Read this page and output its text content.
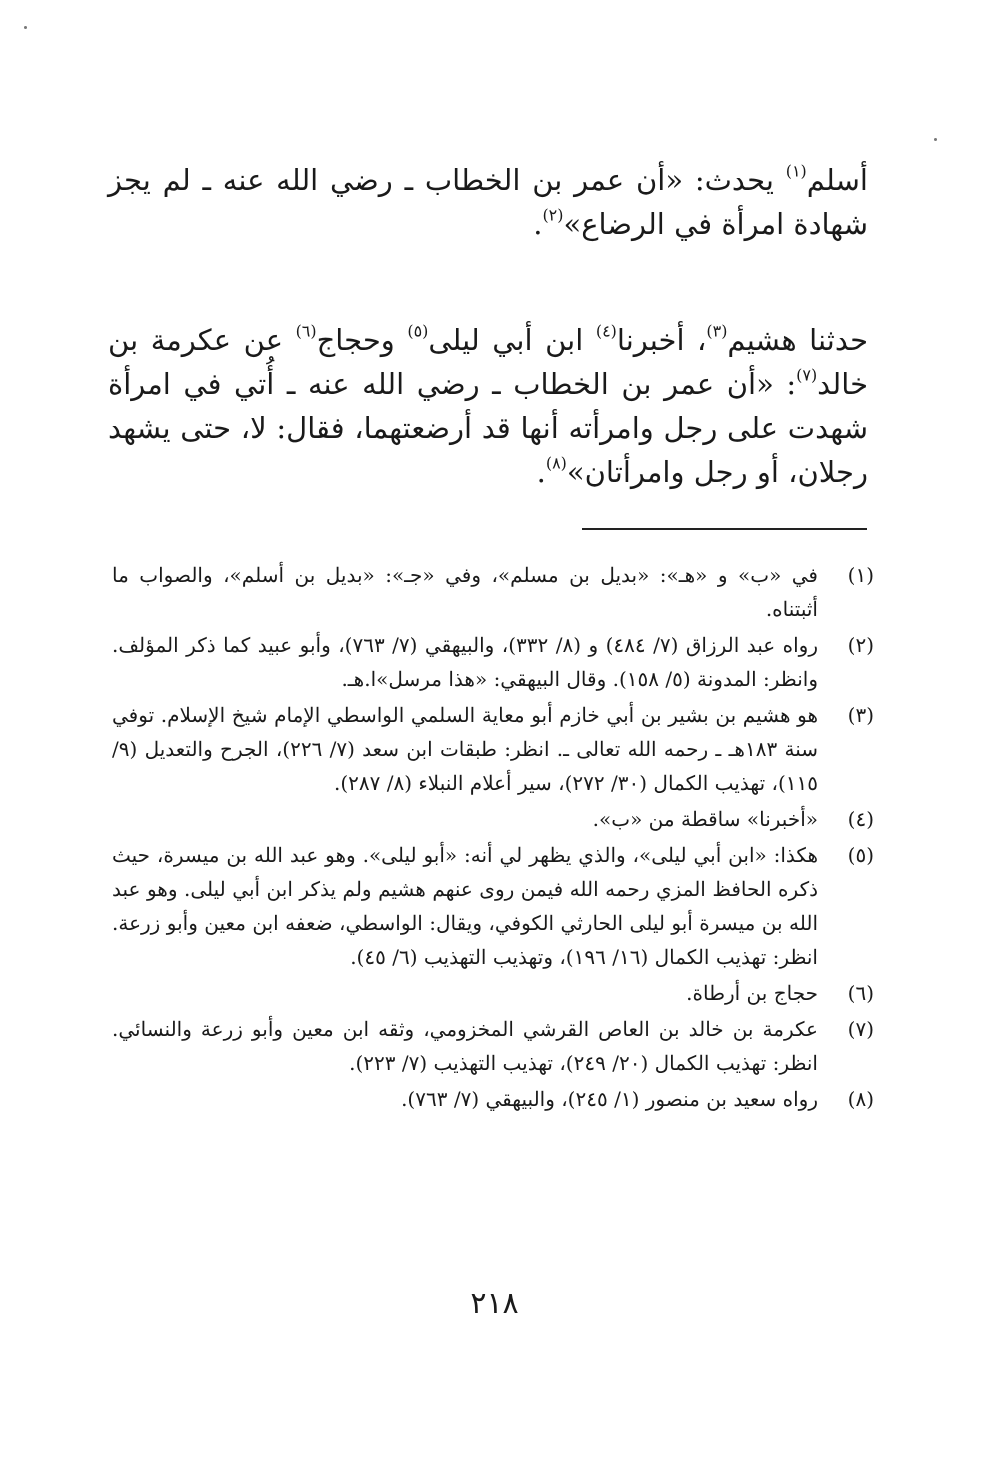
أسلم$^{(١)}$ يحدث: «أن عمر بن الخطاب ـ رضي الله عنه ـ لم يجز شهادة امرأة في الرضاع»$^{(٢)}$.

حدثنا هشيم$^{(٣)}$، أخبرنا$^{(٤)}$ ابن أبي ليلى$^{(٥)}$ وحجاج$^{(٦)}$ عن عكرمة بن خالد$^{(٧)}$: «أن عمر بن الخطاب ـ رضي الله عنه ـ أُتي في امرأة شهدت على رجل وامرأته أنها قد أرضعتهما، فقال: لا، حتى يشهد رجلان، أو رجل وامرأتان»$^{(٨)}$.

(١)
في «ب» و «هـ»: «بديل بن مسلم»، وفي «جـ»: «بديل بن أسلم»، والصواب ما أثبتناه.
(٢)
رواه عبد الرزاق (٧/ ٤٨٤) و (٨/ ٣٣٢)، والبيهقي (٧/ ٧٦٣)، وأبو عبيد كما ذكر المؤلف. وانظر: المدونة (٥/ ١٥٨). وقال البيهقي: «هذا مرسل»ا.هـ.
(٣)
هو هشيم بن بشير بن أبي خازم أبو معاية السلمي الواسطي الإمام شيخ الإسلام. توفي سنة ١٨٣هـ ـ رحمه الله تعالى ـ. انظر: طبقات ابن سعد (٧/ ٢٢٦)، الجرح والتعديل (٩/ ١١٥)، تهذيب الكمال (٣٠/ ٢٧٢)، سير أعلام النبلاء (٨/ ٢٨٧).
(٤)
«أخبرنا» ساقطة من «ب».
(٥)
هكذا: «ابن أبي ليلى»، والذي يظهر لي أنه: «أبو ليلى». وهو عبد الله بن ميسرة، حيث ذكره الحافظ المزي رحمه الله فيمن روى عنهم هشيم ولم يذكر ابن أبي ليلى. وهو عبد الله بن ميسرة أبو ليلى الحارثي الكوفي، ويقال: الواسطي، ضعفه ابن معين وأبو زرعة. انظر: تهذيب الكمال (١٦/ ١٩٦)، وتهذيب التهذيب (٦/ ٤٥).
(٦)
حجاج بن أرطاة.
(٧)
عكرمة بن خالد بن العاص القرشي المخزومي، وثقه ابن معين وأبو زرعة والنسائي. انظر: تهذيب الكمال (٢٠/ ٢٤٩)، تهذيب التهذيب (٧/ ٢٢٣).
(٨)
رواه سعيد بن منصور (١/ ٢٤٥)، والبيهقي (٧/ ٧٦٣).
٢١٨
